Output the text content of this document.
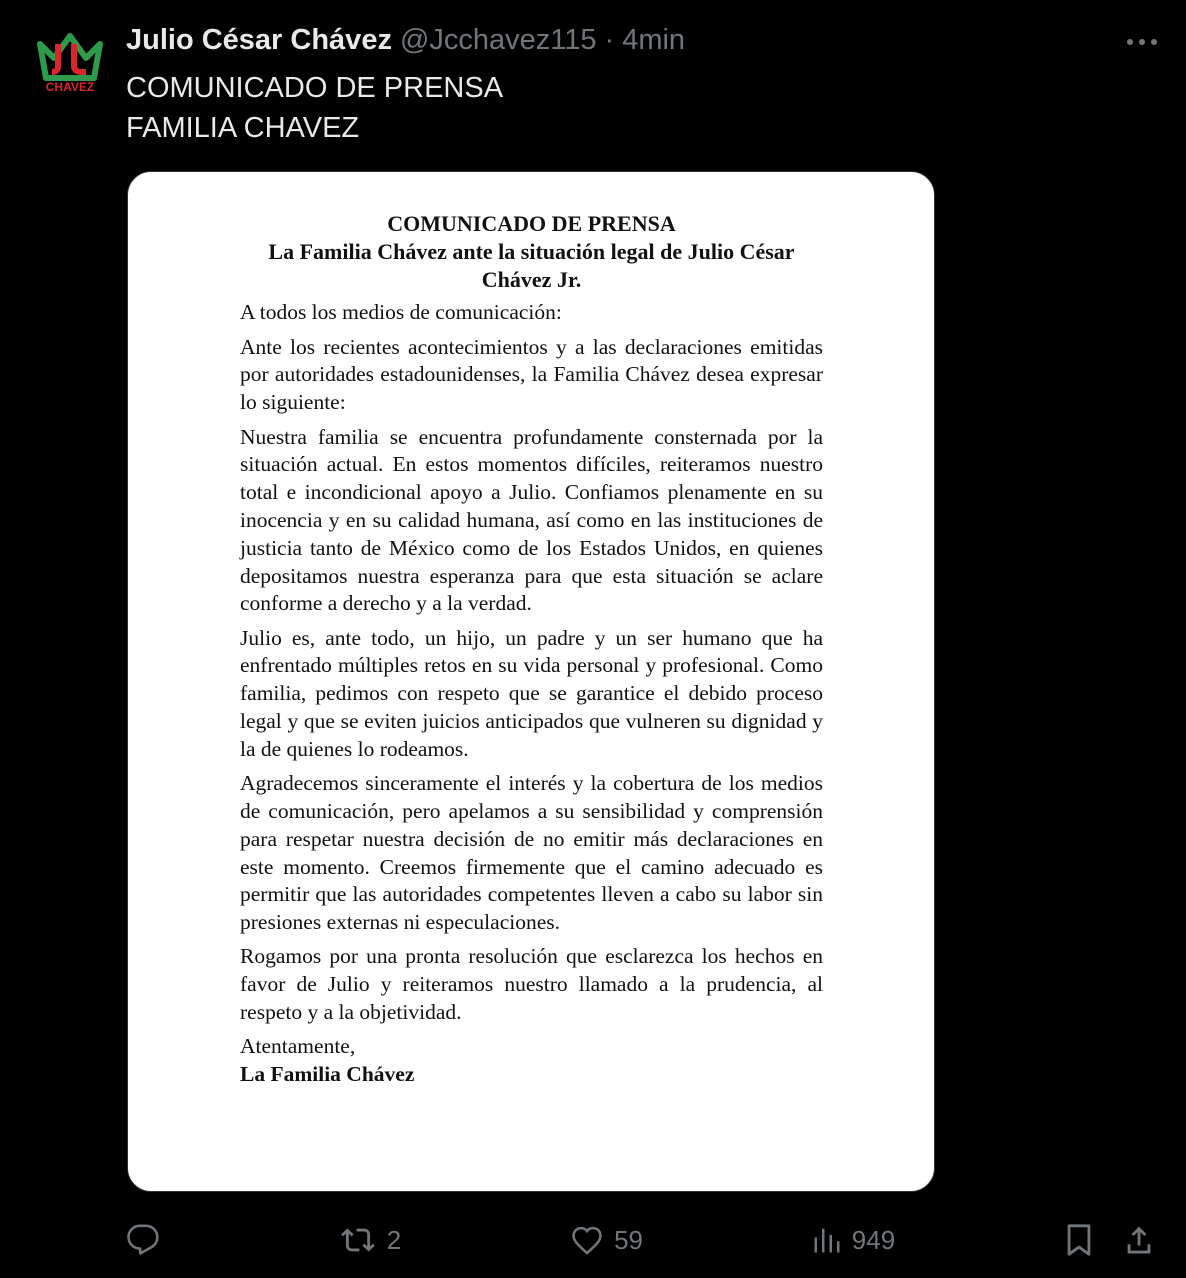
CHAVEZ
Julio César Chávez @Jcchavez115 · 4min
COMUNICADO DE PRENSA
FAMILIA CHAVEZ
COMUNICADO DE PRENSA
La Familia Chávez ante la situación legal de Julio César Chávez Jr.

A todos los medios de comunicación:

Ante los recientes acontecimientos y a las declaraciones emitidas por autoridades estadounidenses, la Familia Chávez desea expresar lo siguiente:

Nuestra familia se encuentra profundamente consternada por la situación actual. En estos momentos difíciles, reiteramos nuestro total e incondicional apoyo a Julio. Confiamos plenamente en su inocencia y en su calidad humana, así como en las instituciones de justicia tanto de México como de los Estados Unidos, en quienes depositamos nuestra esperanza para que esta situación se aclare conforme a derecho y a la verdad.

Julio es, ante todo, un hijo, un padre y un ser humano que ha enfrentado múltiples retos en su vida personal y profesional. Como familia, pedimos con respeto que se garantice el debido proceso legal y que se eviten juicios anticipados que vulneren su dignidad y la de quienes lo rodeamos.

Agradecemos sinceramente el interés y la cobertura de los medios de comunicación, pero apelamos a su sensibilidad y comprensión para respetar nuestra decisión de no emitir más declaraciones en este momento. Creemos firmemente que el camino adecuado es permitir que las autoridades competentes lleven a cabo su labor sin presiones externas ni especulaciones.

Rogamos por una pronta resolución que esclarezca los hechos en favor de Julio y reiteramos nuestro llamado a la prudencia, al respeto y a la objetividad.

Atentamente,

La Familia Chávez

2	59	949
